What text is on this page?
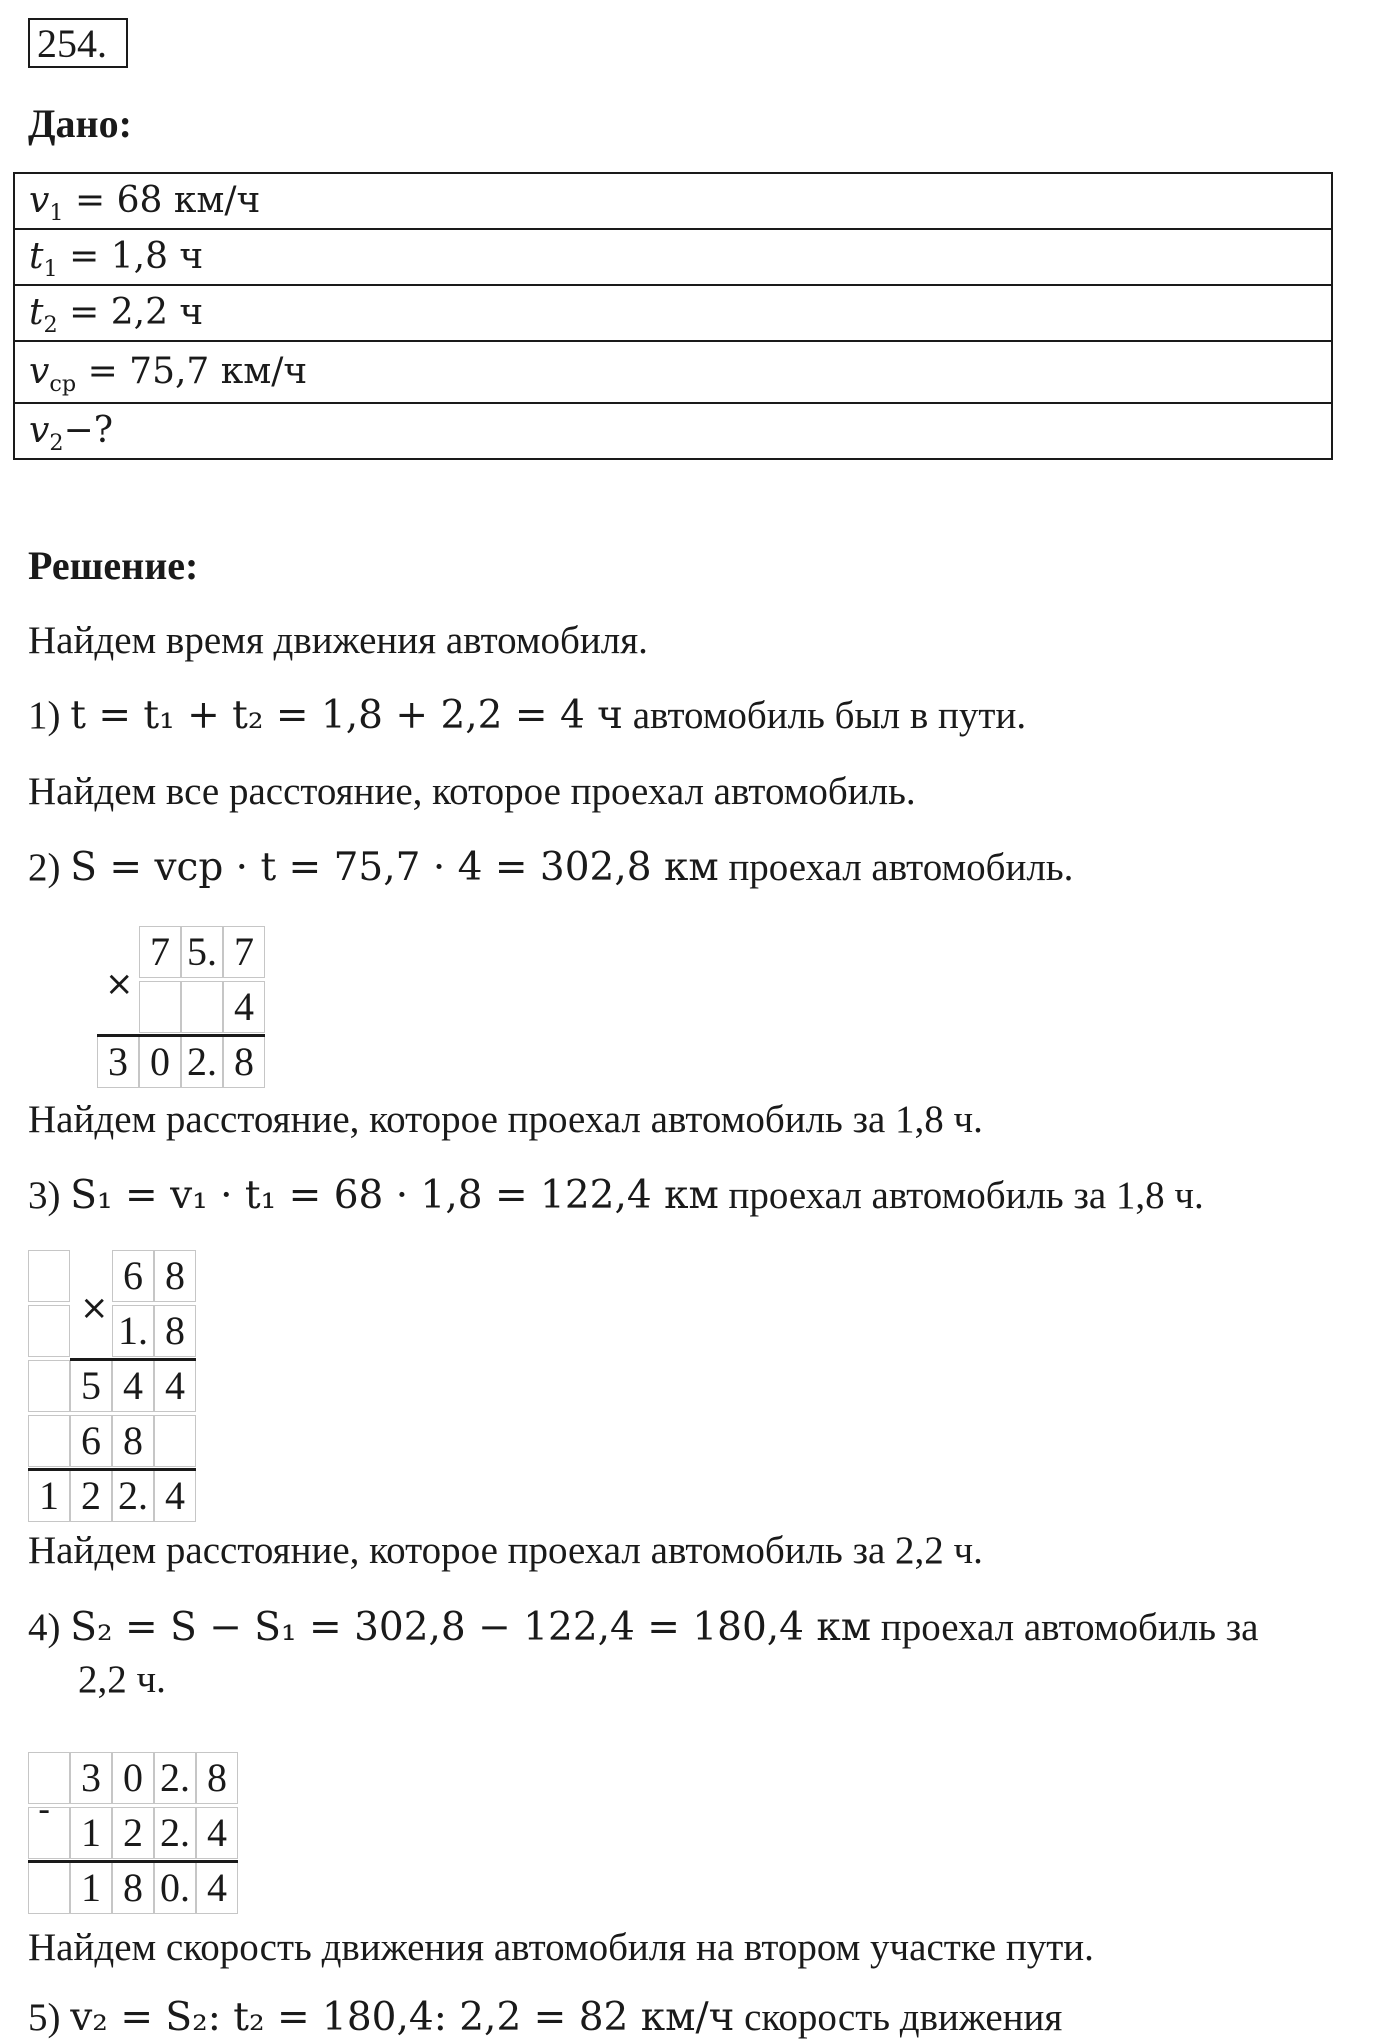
254.
Дано:
$v_1 = 68$ км/ч
$t_1 = 1,8$ ч
$t_2 = 2,2$ ч
$v_{ср} = 75,7$ км/ч
$v_2-$?
Решение:
Найдем время движения автомобиля.
1) t = t₁ + t₂ = 1,8 + 2,2 = 4 ч автомобиль был в пути.
Найдем все расстояние, которое проехал автомобиль.
2) S = vср · t = 75,7 · 4 = 302,8 км проехал автомобиль.
7 5. 7
4
3 0 2. 8
×
Найдем расстояние, которое проехал автомобиль за 1,8 ч.
3) S₁ = v₁ · t₁ = 68 · 1,8 = 122,4 км проехал автомобиль за 1,8 ч.
6 8
1. 8
5 4 4
6 8
1 2 2. 4
×
Найдем расстояние, которое проехал автомобиль за 2,2 ч.
4) S₂ = S − S₁ = 302,8 − 122,4 = 180,4 км проехал автомобиль за
2,2 ч.
3 0 2. 8
1 2 2. 4
1 8 0. 4
-
Найдем скорость движения автомобиля на втором участке пути.
5) v₂ = S₂: t₂ = 180,4: 2,2 = 82 км/ч скорость движения
